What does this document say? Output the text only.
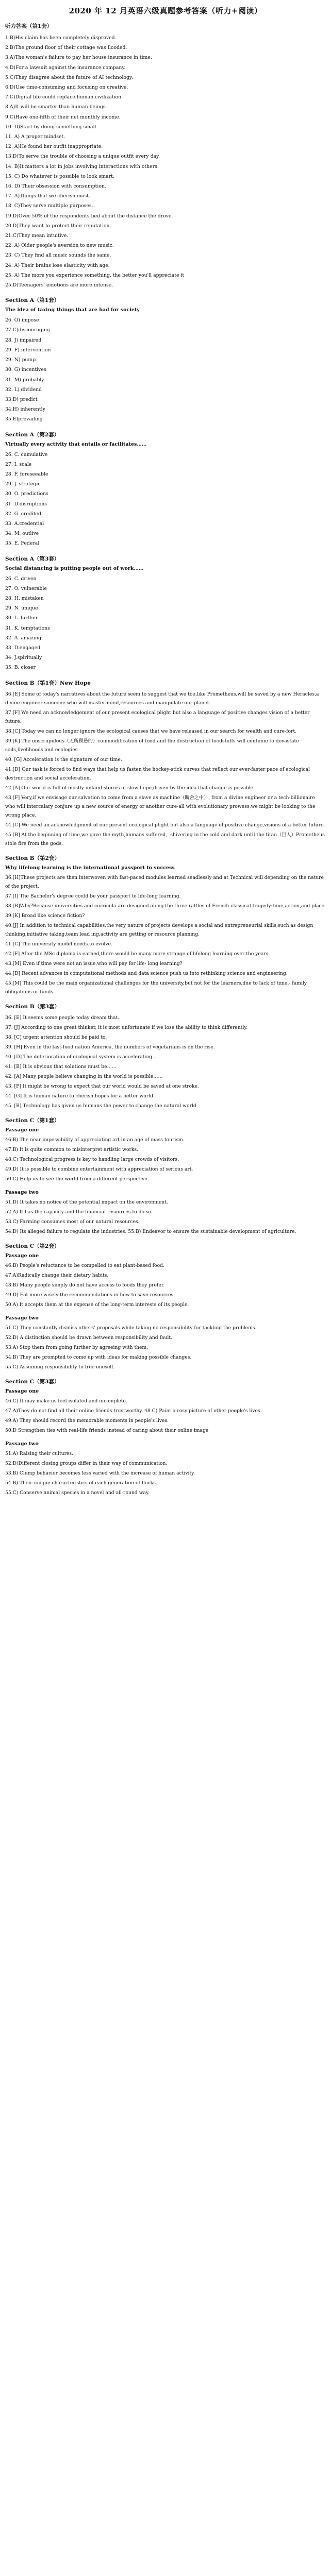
2020 年 12 月英语六级真题参考答案（听力+阅读）
听力答案（第1套）
1.B)His claim has been completely disproved.
2.B)The ground floor of their cottage was flooded.
3.A)The woman's failure to pay her house insurance in time.
4.D)For a lawsuit against the insurance company.
5.C)They disagree about the future of AI technology.
6.D)Use time-consuming and focusing on creative.
7.C)Digital life could replace human civilization.
8.A)It will be smarter than human beings.
9.C)Have one-fifth of their net monthly income.
10. D)Start by doing something small.
11. A) A proper mindset.
12. A)He found her outfit inappropriate.
13.D)To serve the trouble of choosing a unique outfit every day.
14. B)It matters a lot in jobs involving interactions with others.
15. C) Do whatever is possible to look smart.
16. D) Their obsession with consumption.
17. A)Things that we cherish most.
18. C)They serve multiple purposes.
19.D)Over 50% of the respondents lied about the distance the drove.
20.D)They want to protect their reputation.
21.C)They mean intuitive.
22. A) Older people's aversion to new music.
23. C) They find all music sounds the same.
24. A) Their brains lose elasticity with age.
25. A) The more you experience something, the better you'll appreciate it
25.D)Teenagers' emotions are more intense.
Section A（第1套）
The idea of taxing things that are bad for society
26. O) impose
27.C)discouraging
28. J) impaired
29. F) intervention
29. N) pump
30. G) incentives
31. M) probably
32. L) dividend
33.D) predict
34.H) inherently
35.E)prevailing
Section A（第2套）
Virtually every activity that entails or facilitates……
26. C. cumulative
27. I. scale
28. F. foreseeable
29. J. strategic
30. O. predictions
31. D.disruptions
32. G. credited
33. A.credential
34. M. outlive
35. E. Federal
Section A（第3套）
Social distancing is putting people out of work……
26. C. driven
27. O. vulnerable
28. H. mistaken
29. N. unique
30. L. further
31. K. temptations
32. A. amazing
33. D.engaged
34. J.spiritually
35. B. closer
Section B（第1套）New Hope
36.[E] Some of today's narratives about the future seem to suggest that we too,like Prometheus,will be saved by a new Heracles,a divine engineer someone who will master mind,resources and manipulate our planet.
37.[F] We need an acknowledgement of our present ecological plight but also a language of positive changes vision of a better future.
38.[C] Today we can no longer ignore the ecological causes that we have released in our search for wealth and cure-fort.
39.[K] The unscrupulous（无所顾忌的）commodification of food and the destruction of foodstuffs will continue to devastate soils,livelihoods and ecologies.
40. [G] Acceleration is the signature of our time.
41.[D] Our task is forced to find ways that help us fasten the hockey-stick curves that reflect our ever-faster pace of ecological destruction and social acceleration.
42.[A] Our world is full of-mostly unkind-stories of slow hope,driven by the idea that change is possible.
43.[F] Very,if we envisage our salvation to come from a slave as machine（断舍之中）, from a divine engineer or a tech-billionaire who will intercalary conjure up a new source of energy or another cure-all with evolutionary prowess,we might be looking to the wrong place.
44.[C] We need an acknowledgment of our present ecological plight but also a language of positive change,visions of a better future.
45.[B] At the beginning of time,we gave the myth,humans suffered，shivering in the cold and dark until the titan（巨人）Prometheus stole fire from the gods.
Section B（第2套）
Why lifelong learning is the international passport to success
36.[H]These projects are then interwoven with fast-paced modules learned seadlessly and at Technical will depending on the nature of the project.
37.[I] The Bachelor's degree could be your passport to life-long learning.
38.[B]Why?Because universities and curricula are designed along the three rattles of French classical tragedy:time,action,and place.
39.[K] Broad like science fiction?
40.[J] In addition to technical capabilities,the very nature of projects develops a social and entrepreneurial skills,such as design thinking,initiative taking,team lead ing,activity are getting or resource planning.
41.[C] The university model needs to evolve.
42.[F] After the MSc diploma is earned,there would be many more strange of lifelong learning over the years.
43.[M] Even if time were not an issue,who will pay for life- long learning?
44.[D] Recent advances in computational methods and data science push us into rethinking science and engineering.
45.[M] This could be the main organizational challenges for the university,but not for the learners,due to lack of time,- family obligations or funds.
Section B（第3套）
36. [E] It seems some people today dream that.
37. [J] According to one great thinker, it is most unfortunate if we lose the ability to think differently.
38. [C] urgent attention should be paid to.
39. [H] Even in the fast-food nation America, the numbers of vegetarians is on the rise.
40. [D] The deterioration of ecological system is accelerating…
41. [B] It is obvious that solutions must be……
42. [A] Many people believe changing in the world is possible……
43. [F] It might be wrong to expect that our world would be saved at one stroke.
44. [G] It is human nature to cherish hopes for a better world.
45. [B] Technology has given us humans the power to change the natural world
Section C（第1套）
Passage one
46.B) The near impossibility of appreciating art in an age of mass tourism.
47.B) It is quite common to misinterpret artistic works.
48.C) Technological progress is key to handling large crowds of visitors.
49.D) It is possible to combine entertainment with appreciation of serious art.
50.C) Help us to see the world from a different perspective.
Passage two
51.D) It takes no notice of the potential impact on the environment.
52.A) It has the capacity and the financial resources to do so.
53.C) Farming consumes most of our natural resources.
54.D) Its alleged failure to regulate the industries. 55.B) Endeavor to ensure the sustainable development of agriculture.
Section C（第2套）
Passage one
46.B) People's reluctance to be compelled to eat plant-based food.
47.A)Radically change their dietary habits.
48.B) Many people simply do not have access to foods they prefer.
49.D) Eat more wisely the recommendations in how to save resources.
50.A) It accepts them at the expense of the long-term interests of its people.
Passage two
51.C) They constantly dismiss others' proposals while taking no responsibility for tackling the problems.
52.D) A distinction should be drawn between responsibility and fault.
53.A) Stop them from going further by agreeing with them.
54.B) They are prompted to come up with ideas for making possible changes.
55.C) Assuming responsibility to free oneself.
Section C（第3套）
Passage one
46.C) It may make us feel isolated and incomplete.
47.A)They do not find all their online friends trustworthy. 48.C) Paint a rosy picture of other people's lives.
49.A) They should record the memorable moments in people's lives.
50.D Strengthen ties with real-life friends instead of caring about their online image
Passage two
51.A) Raising their cultures.
52.D)Different closing groups differ in their way of communication.
53.B) Clump behavior becomes less varied with the increase of human activity.
54.B) Their unique characteristics of each generation of flocks.
55.C) Conserve animal species in a novel and all-round way.
